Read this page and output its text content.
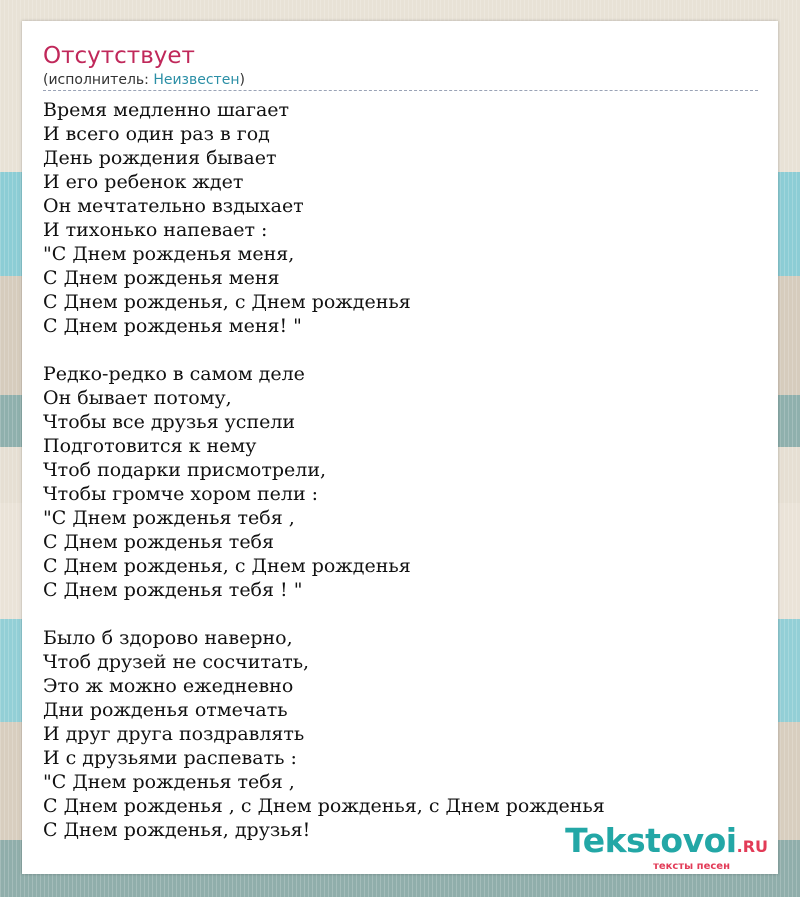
Отсутствует
(исполнитель: Неизвестен)
Время медленно шагает
И всего один раз в год
День рождения бывает
И его ребенок ждет
Он мечтательно вздыхает
И тихонько напевает :
"С Днем рожденья меня,
С Днем рожденья меня
С Днем рожденья, с Днем рожденья
С Днем рожденья меня! "
Редко-редко в самом деле
Он бывает потому,
Чтобы все друзья успели
Подготовится к нему
Чтоб подарки присмотрели,
Чтобы громче хором пели :
"С Днем рожденья тебя ,
С Днем рожденья тебя
С Днем рожденья, с Днем рожденья
С Днем рожденья тебя ! "
Было б здорово наверно,
Чтоб друзей не сосчитать,
Это ж можно ежедневно
Дни рожденья отмечать
И друг друга поздравлять
И с друзьями распевать :
"С Днем рожденья тебя ,
С Днем рожденья , с Днем рожденья, с Днем рожденья
С Днем рожденья, друзья!	Tekstovoi.RU
тексты песен
